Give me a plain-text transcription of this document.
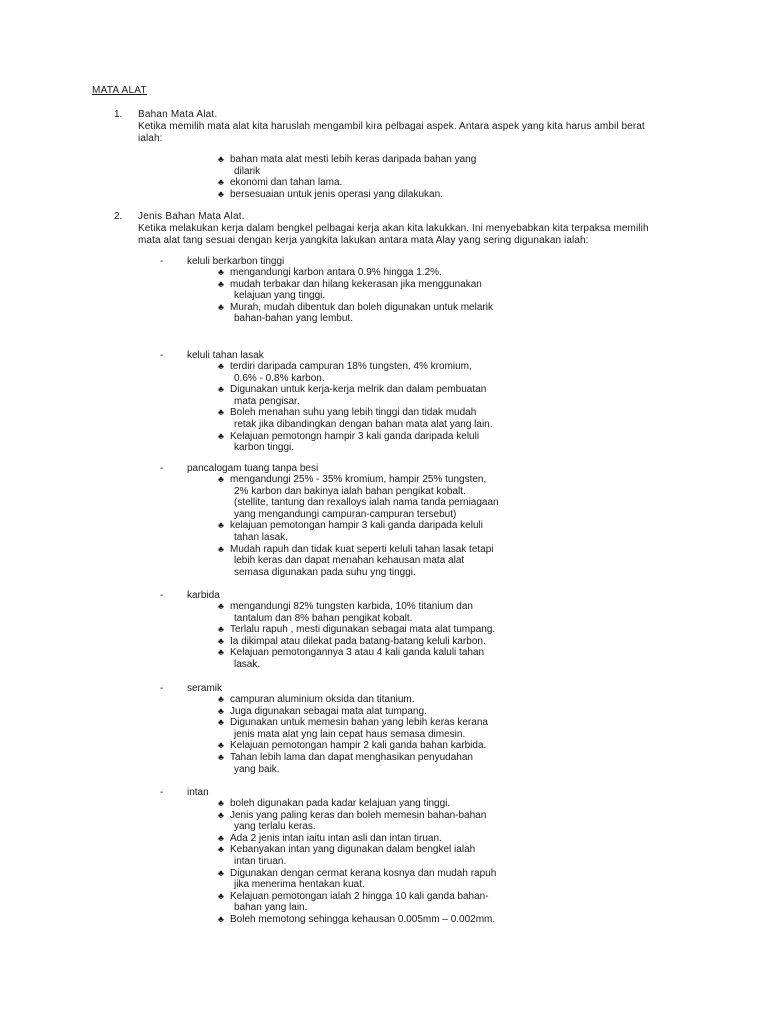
MATA ALAT
1. Bahan Mata Alat.
Ketika memilih mata alat kita haruslah mengambil kira pelbagai aspek. Antara aspek yang kita harus ambil berat
ialah:
♣ bahan mata alat mesti lebih keras daripada bahan yang
dilarik
♣ ekonomi dan tahan lama.
♣ bersesuaian untuk jenis operasi yang dilakukan.
2. Jenis Bahan Mata Alat.
Ketika melakukan kerja dalam bengkel pelbagai kerja akan kita lakukkan. Ini menyebabkan kita terpaksa memilih
mata alat tang sesuai dengan kerja yangkita lakukan antara mata Alay yang sering digunakan ialah:
- keluli berkarbon tinggi
♣ mengandungi karbon antara 0.9% hingga 1.2%.
♣ mudah terbakar dan hilang kekerasan jika menggunakan
kelajuan yang tinggi.
♣ Murah, mudah dibentuk dan boleh digunakan untuk melarik
bahan-bahan yang lembut.
- keluli tahan lasak
♣ terdiri daripada campuran 18% tungsten, 4% kromium,
0.6% - 0.8% karbon.
♣ Digunakan untuk kerja-kerja melrik dan dalam pembuatan
mata pengisar.
♣ Boleh menahan suhu yang lebih tinggi dan tidak mudah
retak jika dibandingkan dengan bahan mata alat yang lain.
♣ Kelajuan pemotongn hampir 3 kali ganda daripada keluli
karbon tinggi.
- pancalogam tuang tanpa besi
♣ mengandungi 25% - 35% kromium, hampir 25% tungsten,
2% karbon dan bakinya ialah bahan pengikat kobalt.
(stellite, tantung dan rexalloys ialah nama tanda perniagaan
yang mengandungi campuran-campuran tersebut)
♣ kelajuan pemotongan hampir 3 kali ganda daripada keluli
tahan lasak.
♣ Mudah rapuh dan tidak kuat seperti keluli tahan lasak tetapi
lebih keras dan dapat menahan kehausan mata alat
semasa digunakan pada suhu yng tinggi.
- karbida
♣ mengandungi 82% tungsten karbida, 10% titanium dan
tantalum dan 8% bahan pengikat kobalt.
♣ Terlalu rapuh , mesti digunakan sebagai mata alat tumpang.
♣ Ia dikimpal atau dilekat pada batang-batang keluli karbon.
♣ Kelajuan pemotongannya 3 atau 4 kali ganda kaluli tahan
lasak.
- seramik
♣ campuran aluminium oksida dan titanium.
♣ Juga digunakan sebagai mata alat tumpang.
♣ Digunakan untuk memesin bahan yang lebih keras kerana
jenis mata alat yng lain cepat haus semasa dimesin.
♣ Kelajuan pemotongan hampir 2 kali ganda bahan karbida.
♣ Tahan lebih lama dan dapat menghasikan penyudahan
yang baik.
- intan
♣ boleh digunakan pada kadar kelajuan yang tinggi.
♣ Jenis yang paling keras dan boleh memesin bahan-bahan
yang terlalu keras.
♣ Ada 2 jenis intan iaitu intan asli dan intan tiruan.
♣ Kebanyakan intan yang digunakan dalam bengkel ialah
intan tiruan.
♣ Digunakan dengan cermat kerana kosnya dan mudah rapuh
jika menerima hentakan kuat.
♣ Kelajuan pemotongan ialah 2 hingga 10 kali ganda bahan-
bahan yang lain.
♣ Boleh memotong sehingga kehausan 0.005mm – 0.002mm.
